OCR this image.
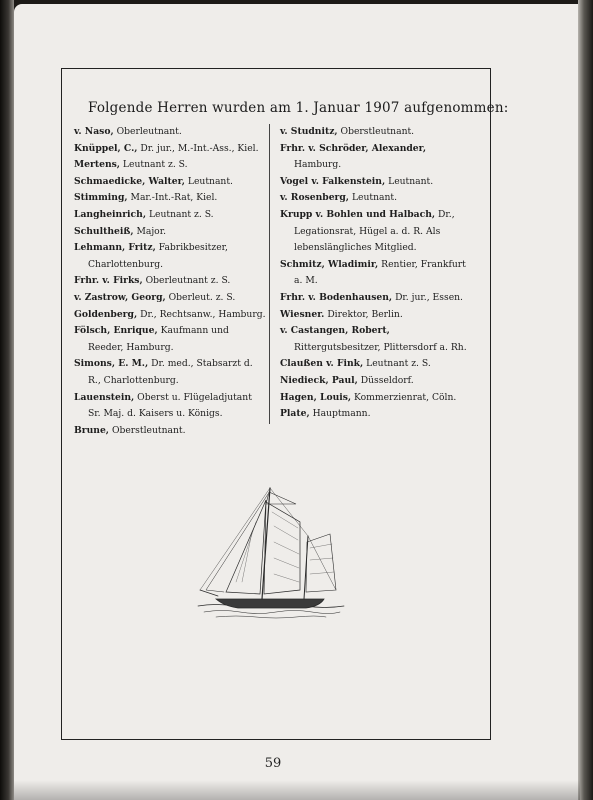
Folgende Herren wurden am 1. Januar 1907 aufgenommen:
v. Naso, Oberleutnant.
Knüppel, C., Dr. jur., M.-Int.-Ass., Kiel.
Mertens, Leutnant z. S.
Schmaedicke, Walter, Leutnant.
Stimming, Mar.-Int.-Rat, Kiel.
Langheinrich, Leutnant z. S.
Schultheiß, Major.
Lehmann, Fritz, Fabrikbesitzer, Charlottenburg.
Frhr. v. Firks, Oberleutnant z. S.
v. Zastrow, Georg, Oberleut. z. S.
Goldenberg, Dr., Rechtsanw., Hamburg.
Fölsch, Enrique, Kaufmann und Reeder, Hamburg.
Simons, E. M., Dr. med., Stabsarzt d. R., Charlottenburg.
Lauenstein, Oberst u. Flügeladjutant Sr. Maj. d. Kaisers u. Königs.
Brune, Oberstleutnant.
v. Studnitz, Oberstleutnant.
Frhr. v. Schröder, Alexander, Hamburg.
Vogel v. Falkenstein, Leutnant.
v. Rosenberg, Leutnant.
Krupp v. Bohlen und Halbach, Dr., Legationsrat, Hügel a. d. R. Als lebenslängliches Mitglied.
Schmitz, Wladimir, Rentier, Frankfurt a. M.
Frhr. v. Bodenhausen, Dr. jur., Essen.
Wiesner. Direktor, Berlin.
v. Castangen, Robert, Rittergutsbesitzer, Plittersdorf a. Rh.
Claußen v. Fink, Leutnant z. S.
Niedieck, Paul, Düsseldorf.
Hagen, Louis, Kommerzienrat, Cöln.
Plate, Hauptmann.
59
